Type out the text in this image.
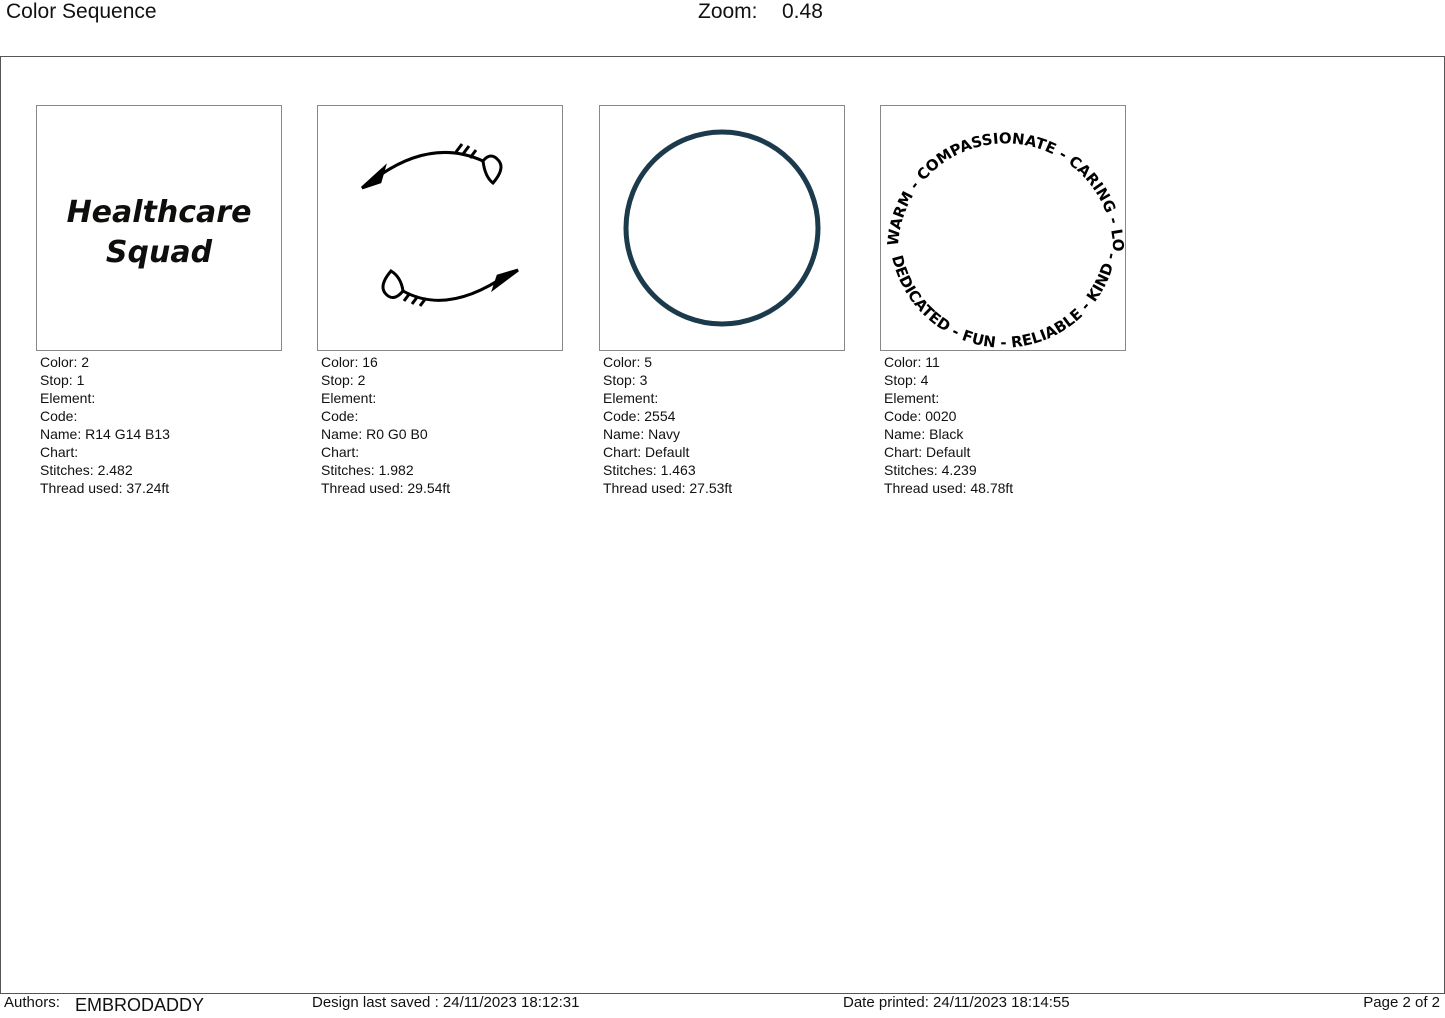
Color Sequence	Zoom: 0.48
Healthcare
Squad
Color: 2
Stop: 1
Element:
Code:
Name: R14 G14 B13
Chart:
Stitches: 2.482
Thread used: 37.24ft
Color: 16
Stop: 2
Element:
Code:
Name: R0 G0 B0
Chart:
Stitches: 1.982
Thread used: 29.54ft
Color: 5
Stop: 3
Element:
Code: 2554
Name: Navy
Chart: Default
Stitches: 1.463
Thread used: 27.53ft
WARM - COMPASSIONATE - CARING - L
DEDICATED - FUN - RELIABLE - KIND -
Color: 11
Stop: 4
Element:
Code: 0020
Name: Black
Chart: Default
Stitches: 4.239
Thread used: 48.78ft
Authors: EMBRODADDY	Design last saved : 24/11/2023 18:12:31	Date printed: 24/11/2023 18:14:55	Page 2 of 2
